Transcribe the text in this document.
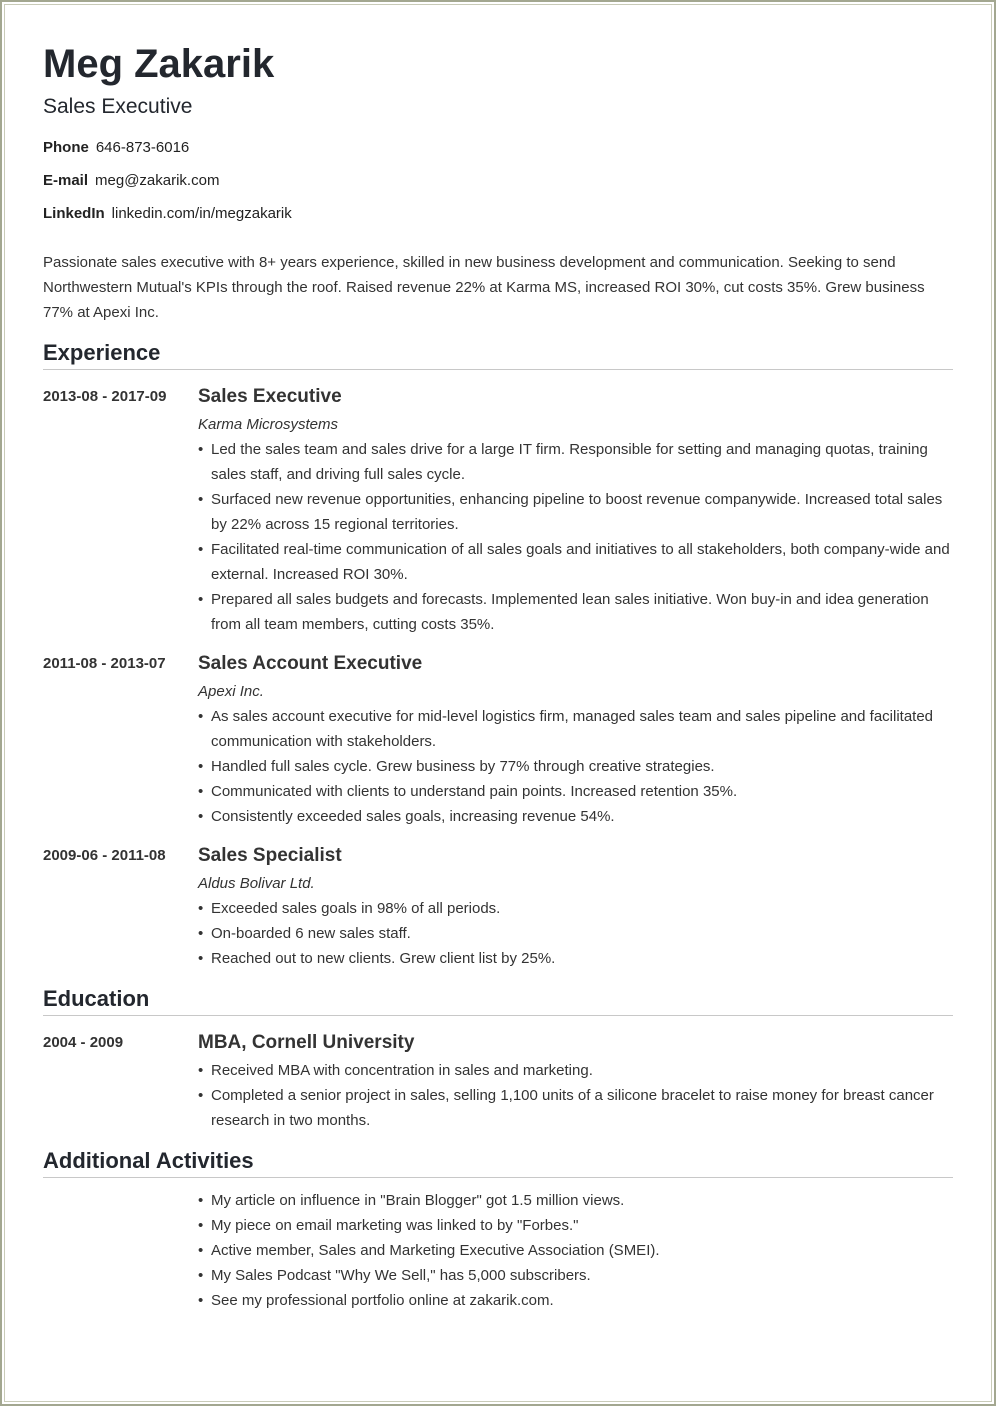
Meg Zakarik
Sales Executive
Phone 646-873-6016
E-mail meg@zakarik.com
LinkedIn linkedin.com/in/megzakarik
Passionate sales executive with 8+ years experience, skilled in new business development and communication. Seeking to send Northwestern Mutual's KPIs through the roof. Raised revenue 22% at Karma MS, increased ROI 30%, cut costs 35%. Grew business 77% at Apexi Inc.
Experience
2013-08 - 2017-09	Sales Executive
Karma Microsystems
• Led the sales team and sales drive for a large IT firm. Responsible for setting and managing quotas, training sales staff, and driving full sales cycle.
• Surfaced new revenue opportunities, enhancing pipeline to boost revenue companywide. Increased total sales by 22% across 15 regional territories.
• Facilitated real-time communication of all sales goals and initiatives to all stakeholders, both company-wide and external. Increased ROI 30%.
• Prepared all sales budgets and forecasts. Implemented lean sales initiative. Won buy-in and idea generation from all team members, cutting costs 35%.
2011-08 - 2013-07	Sales Account Executive
Apexi Inc.
• As sales account executive for mid-level logistics firm, managed sales team and sales pipeline and facilitated communication with stakeholders.
• Handled full sales cycle. Grew business by 77% through creative strategies.
• Communicated with clients to understand pain points. Increased retention 35%.
• Consistently exceeded sales goals, increasing revenue 54%.
2009-06 - 2011-08	Sales Specialist
Aldus Bolivar Ltd.
• Exceeded sales goals in 98% of all periods.
• On-boarded 6 new sales staff.
• Reached out to new clients. Grew client list by 25%.
Education
2004 - 2009	MBA, Cornell University
• Received MBA with concentration in sales and marketing.
• Completed a senior project in sales, selling 1,100 units of a silicone bracelet to raise money for breast cancer research in two months.
Additional Activities
• My article on influence in "Brain Blogger" got 1.5 million views.
• My piece on email marketing was linked to by "Forbes."
• Active member, Sales and Marketing Executive Association (SMEI).
• My Sales Podcast "Why We Sell," has 5,000 subscribers.
• See my professional portfolio online at zakarik.com.
